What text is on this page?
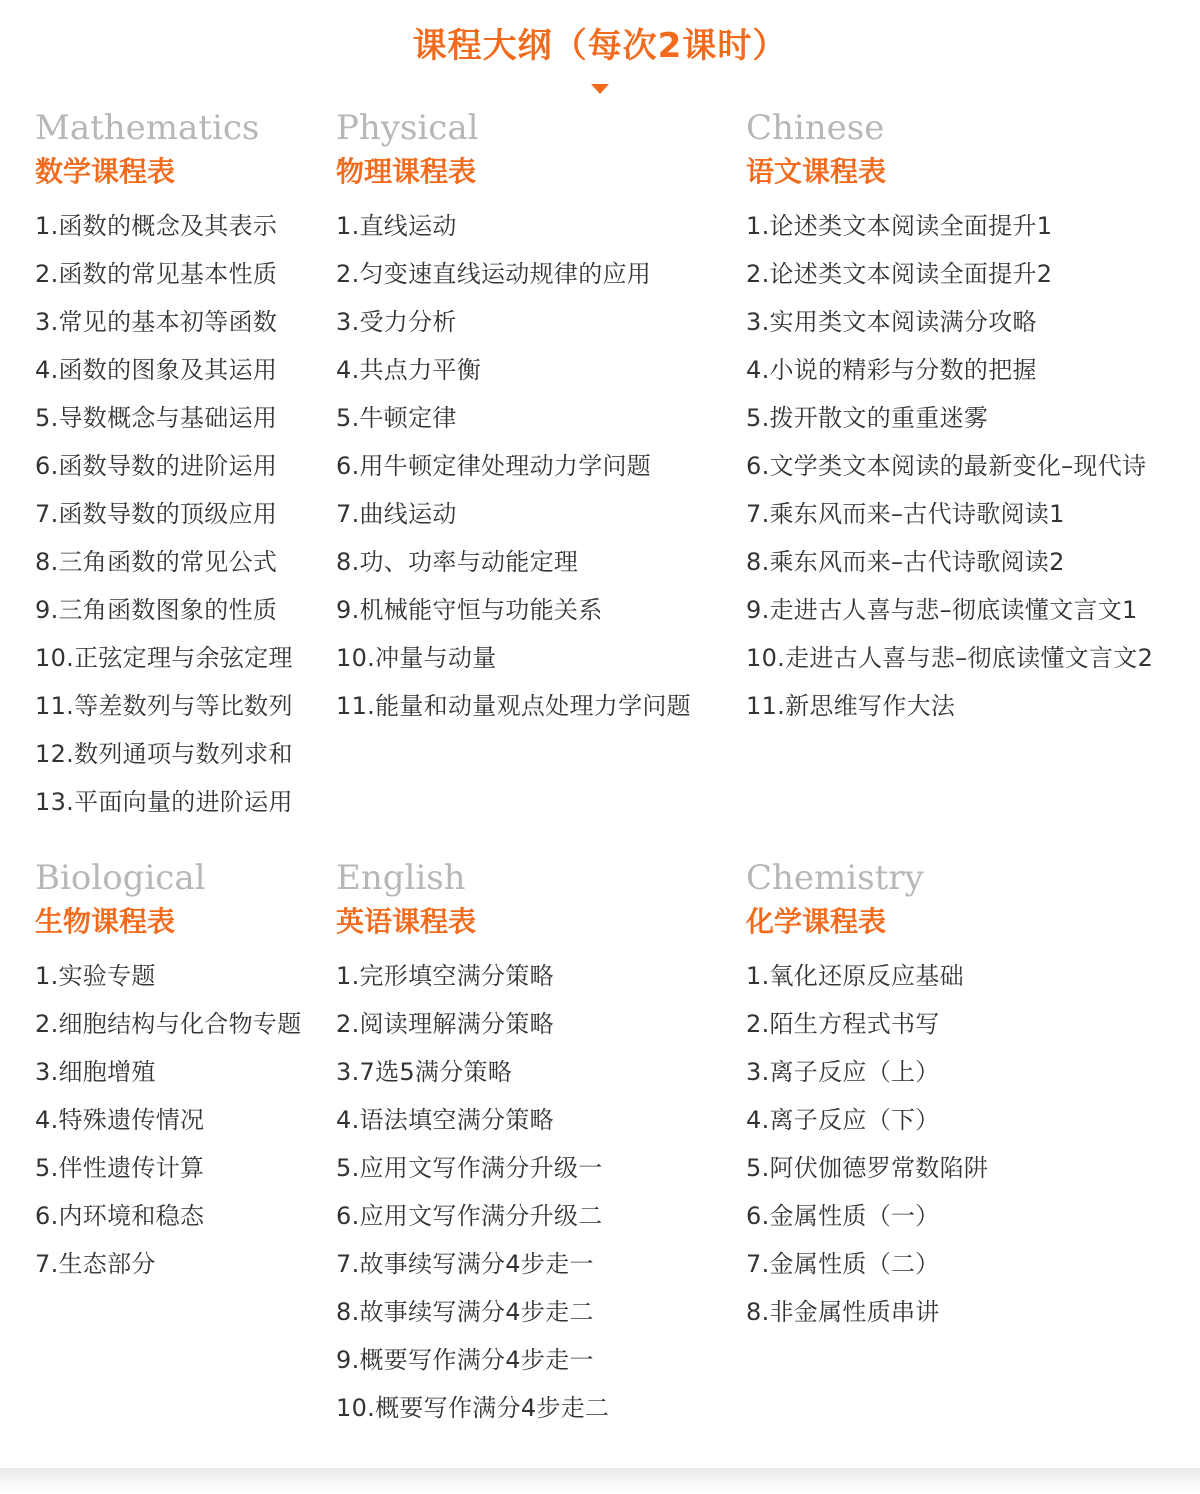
课程大纲（每次2课时）
Mathematics
数学课程表
1.函数的概念及其表示
2.函数的常见基本性质
3.常见的基本初等函数
4.函数的图象及其运用
5.导数概念与基础运用
6.函数导数的进阶运用
7.函数导数的顶级应用
8.三角函数的常见公式
9.三角函数图象的性质
10.正弦定理与余弦定理
11.等差数列与等比数列
12.数列通项与数列求和
13.平面向量的进阶运用
Physical
物理课程表
1.直线运动
2.匀变速直线运动规律的应用
3.受力分析
4.共点力平衡
5.牛顿定律
6.用牛顿定律处理动力学问题
7.曲线运动
8.功、功率与动能定理
9.机械能守恒与功能关系
10.冲量与动量
11.能量和动量观点处理力学问题
Chinese
语文课程表
1.论述类文本阅读全面提升1
2.论述类文本阅读全面提升2
3.实用类文本阅读满分攻略
4.小说的精彩与分数的把握
5.拨开散文的重重迷雾
6.文学类文本阅读的最新变化–现代诗
7.乘东风而来–古代诗歌阅读1
8.乘东风而来–古代诗歌阅读2
9.走进古人喜与悲–彻底读懂文言文1
10.走进古人喜与悲–彻底读懂文言文2
11.新思维写作大法
Biological
生物课程表
1.实验专题
2.细胞结构与化合物专题
3.细胞增殖
4.特殊遗传情况
5.伴性遗传计算
6.内环境和稳态
7.生态部分
English
英语课程表
1.完形填空满分策略
2.阅读理解满分策略
3.7选5满分策略
4.语法填空满分策略
5.应用文写作满分升级一
6.应用文写作满分升级二
7.故事续写满分4步走一
8.故事续写满分4步走二
9.概要写作满分4步走一
10.概要写作满分4步走二
Chemistry
化学课程表
1.氧化还原反应基础
2.陌生方程式书写
3.离子反应（上）
4.离子反应（下）
5.阿伏伽德罗常数陷阱
6.金属性质（一）
7.金属性质（二）
8.非金属性质串讲
